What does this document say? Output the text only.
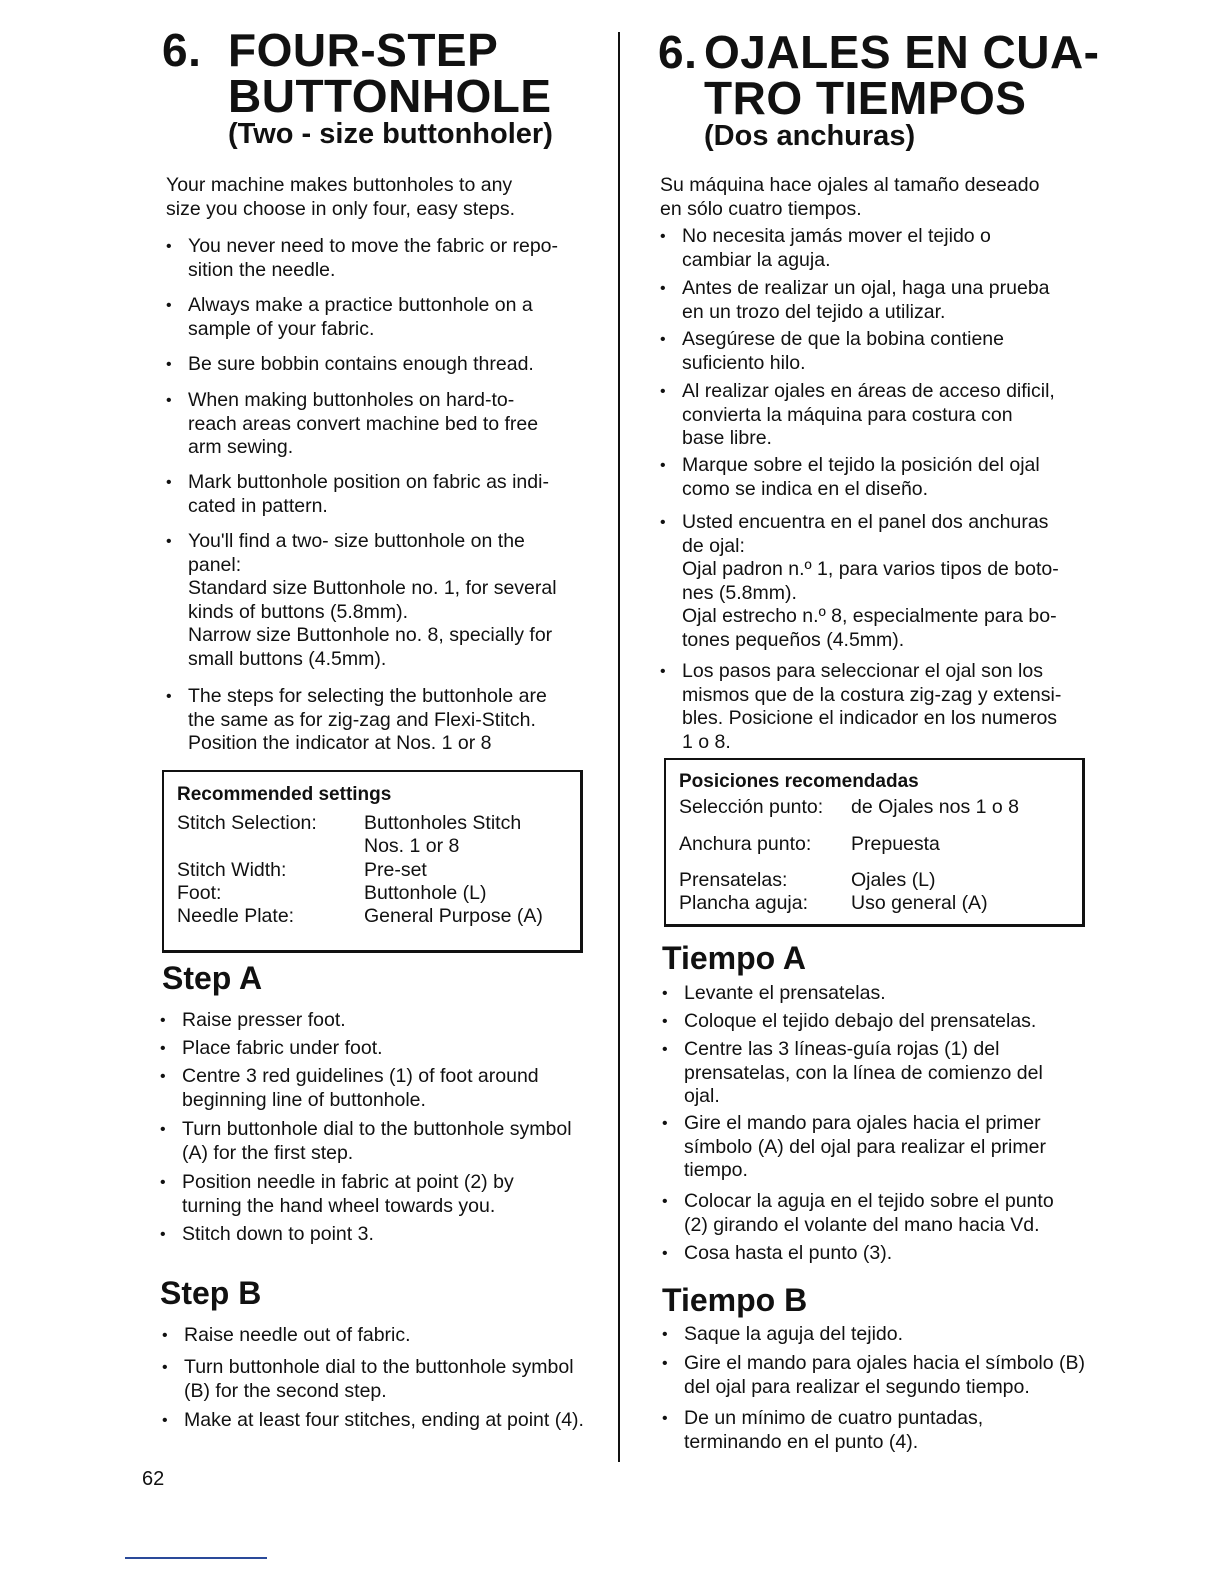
6. FOUR-STEP
BUTTONHOLE
(Two - size buttonholer)
Your machine makes buttonholes to any
size you choose in only four, easy steps.
• You never need to move the fabric or repo-
sition the needle.
• Always make a practice buttonhole on a
sample of your fabric.
• Be sure bobbin contains enough thread.
• When making buttonholes on hard-to-
reach areas convert machine bed to free
arm sewing.
• Mark buttonhole position on fabric as indi-
cated in pattern.
• You'll find a two- size buttonhole on the
panel:
Standard size Buttonhole no. 1, for several
kinds of buttons (5.8mm).
Narrow size Buttonhole no. 8, specially for
small buttons (4.5mm).
• The steps for selecting the buttonhole are
the same as for zig-zag and Flexi-Stitch.
Position the indicator at Nos. 1 or 8
Recommended settings
Stitch Selection: Buttonholes Stitch
Nos. 1 or 8
Stitch Width:	Pre-set
Foot:	Buttonhole (L)
Needle Plate:	General Purpose (A)
Step A
• Raise presser foot.
• Place fabric under foot.
• Centre 3 red guidelines (1) of foot around
beginning line of buttonhole.
• Turn buttonhole dial to the buttonhole symbol
(A) for the first step.
• Position needle in fabric at point (2) by
turning the hand wheel towards you.
• Stitch down to point 3.
Step B
• Raise needle out of fabric.
• Turn buttonhole dial to the buttonhole symbol
(B) for the second step.
• Make at least four stitches, ending at point (4).
62
6. OJALES EN CUA-
TRO TIEMPOS
(Dos anchuras)
Su máquina hace ojales al tamaño deseado
en sólo cuatro tiempos.
• No necesita jamás mover el tejido o
cambiar la aguja.
• Antes de realizar un ojal, haga una prueba
en un trozo del tejido a utilizar.
• Asegúrese de que la bobina contiene
suficiento hilo.
• Al realizar ojales en áreas de acceso dificil,
convierta la máquina para costura con
base libre.
• Marque sobre el tejido la posición del ojal
como se indica en el diseño.
• Usted encuentra en el panel dos anchuras
de ojal:
Ojal padron n.º 1, para varios tipos de boto-
nes (5.8mm).
Ojal estrecho n.º 8, especialmente para bo-
tones pequeños (4.5mm).
• Los pasos para seleccionar el ojal son los
mismos que de la costura zig-zag y extensi-
bles. Posicione el indicador en los numeros
1 o 8.
Posiciones recomendadas
Selección punto: de Ojales nos 1 o 8
Anchura punto: Prepuesta
Prensatelas:	Ojales (L)
Plancha aguja: Uso general (A)
Tiempo A
• Levante el prensatelas.
• Coloque el tejido debajo del prensatelas.
• Centre las 3 líneas-guía rojas (1) del
prensatelas, con la línea de comienzo del
ojal.
• Gire el mando para ojales hacia el primer
símbolo (A) del ojal para realizar el primer
tiempo.
• Colocar la aguja en el tejido sobre el punto
(2) girando el volante del mano hacia Vd.
• Cosa hasta el punto (3).
Tiempo B
• Saque la aguja del tejido.
• Gire el mando para ojales hacia el símbolo (B)
del ojal para realizar el segundo tiempo.
• De un mínimo de cuatro puntadas,
terminando en el punto (4).
